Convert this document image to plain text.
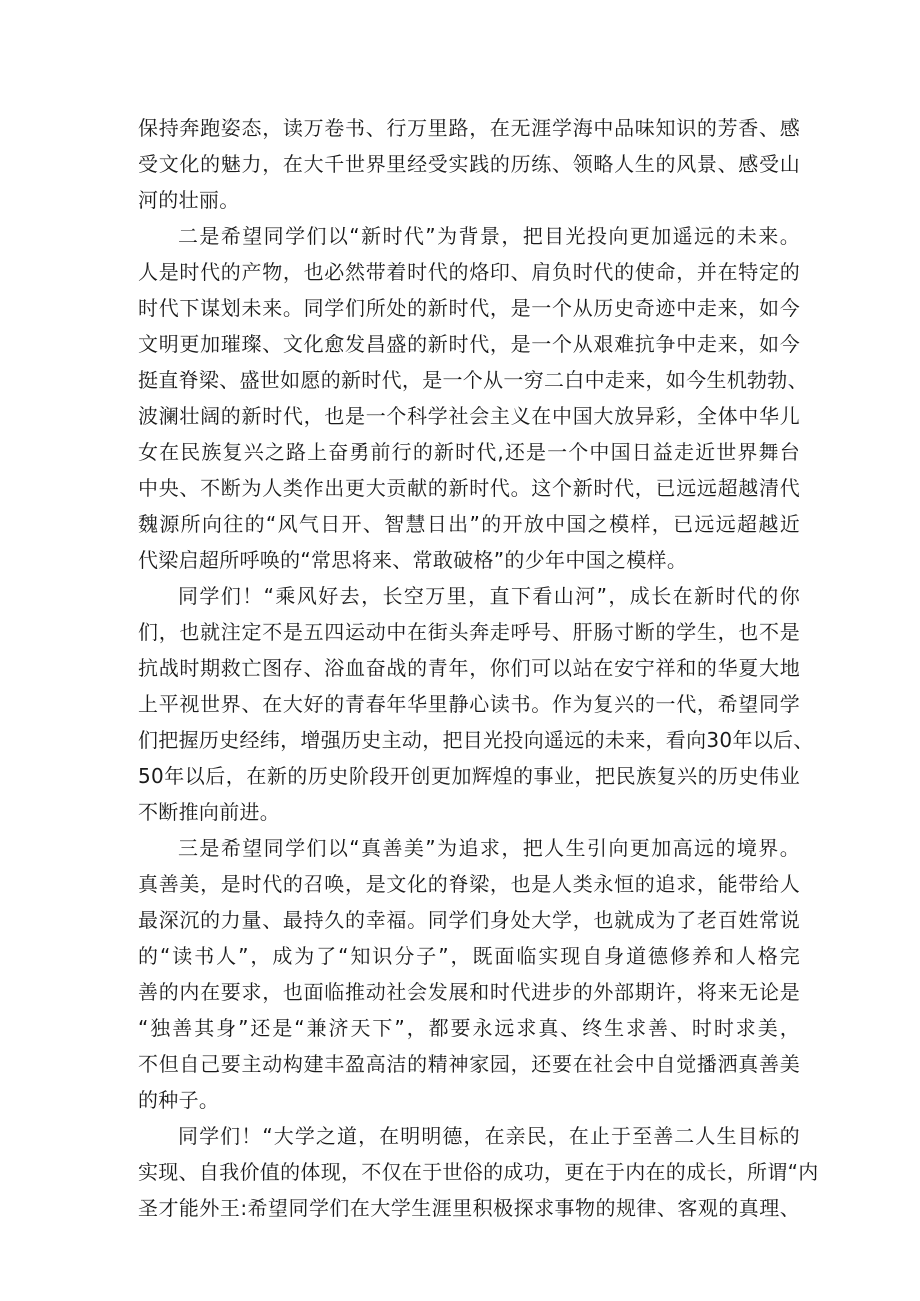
保持奔跑姿态，读万卷书、行万里路，在无涯学海中品味知识的芳香、感
受文化的魅力，在大千世界里经受实践的历练、领略人生的风景、感受山
河的壮丽。
二是希望同学们以“新时代”为背景，把目光投向更加遥远的未来。
人是时代的产物，也必然带着时代的烙印、肩负时代的使命，并在特定的
时代下谋划未来。同学们所处的新时代，是一个从历史奇迹中走来，如今
文明更加璀璨、文化愈发昌盛的新时代，是一个从艰难抗争中走来，如今
挺直脊梁、盛世如愿的新时代，是一个从一穷二白中走来，如今生机勃勃、
波澜壮阔的新时代，也是一个科学社会主义在中国大放异彩，全体中华儿
女在民族复兴之路上奋勇前行的新时代,还是一个中国日益走近世界舞台
中央、不断为人类作出更大贡献的新时代。这个新时代，已远远超越清代
魏源所向往的“风气日开、智慧日出”的开放中国之模样，已远远超越近
代梁启超所呼唤的“常思将来、常敢破格”的少年中国之模样。
同学们！“乘风好去，长空万里，直下看山河”，成长在新时代的你
们，也就注定不是五四运动中在街头奔走呼号、肝肠寸断的学生，也不是
抗战时期救亡图存、浴血奋战的青年，你们可以站在安宁祥和的华夏大地
上平视世界、在大好的青春年华里静心读书。作为复兴的一代，希望同学
们把握历史经纬，增强历史主动，把目光投向遥远的未来，看向30年以后、
50年以后，在新的历史阶段开创更加辉煌的事业，把民族复兴的历史伟业
不断推向前进。
三是希望同学们以“真善美”为追求，把人生引向更加高远的境界。
真善美，是时代的召唤，是文化的脊梁，也是人类永恒的追求，能带给人
最深沉的力量、最持久的幸福。同学们身处大学，也就成为了老百姓常说
的“读书人”，成为了“知识分子”，既面临实现自身道德修养和人格完
善的内在要求，也面临推动社会发展和时代进步的外部期许，将来无论是
“独善其身”还是“兼济天下”，都要永远求真、终生求善、时时求美，
不但自己要主动构建丰盈高洁的精神家园，还要在社会中自觉播洒真善美
的种子。
同学们！“大学之道，在明明德，在亲民，在止于至善二人生目标的
实现、自我价值的体现，不仅在于世俗的成功，更在于内在的成长，所谓“内
圣才能外王:希望同学们在大学生涯里积极探求事物的规律、客观的真理、
